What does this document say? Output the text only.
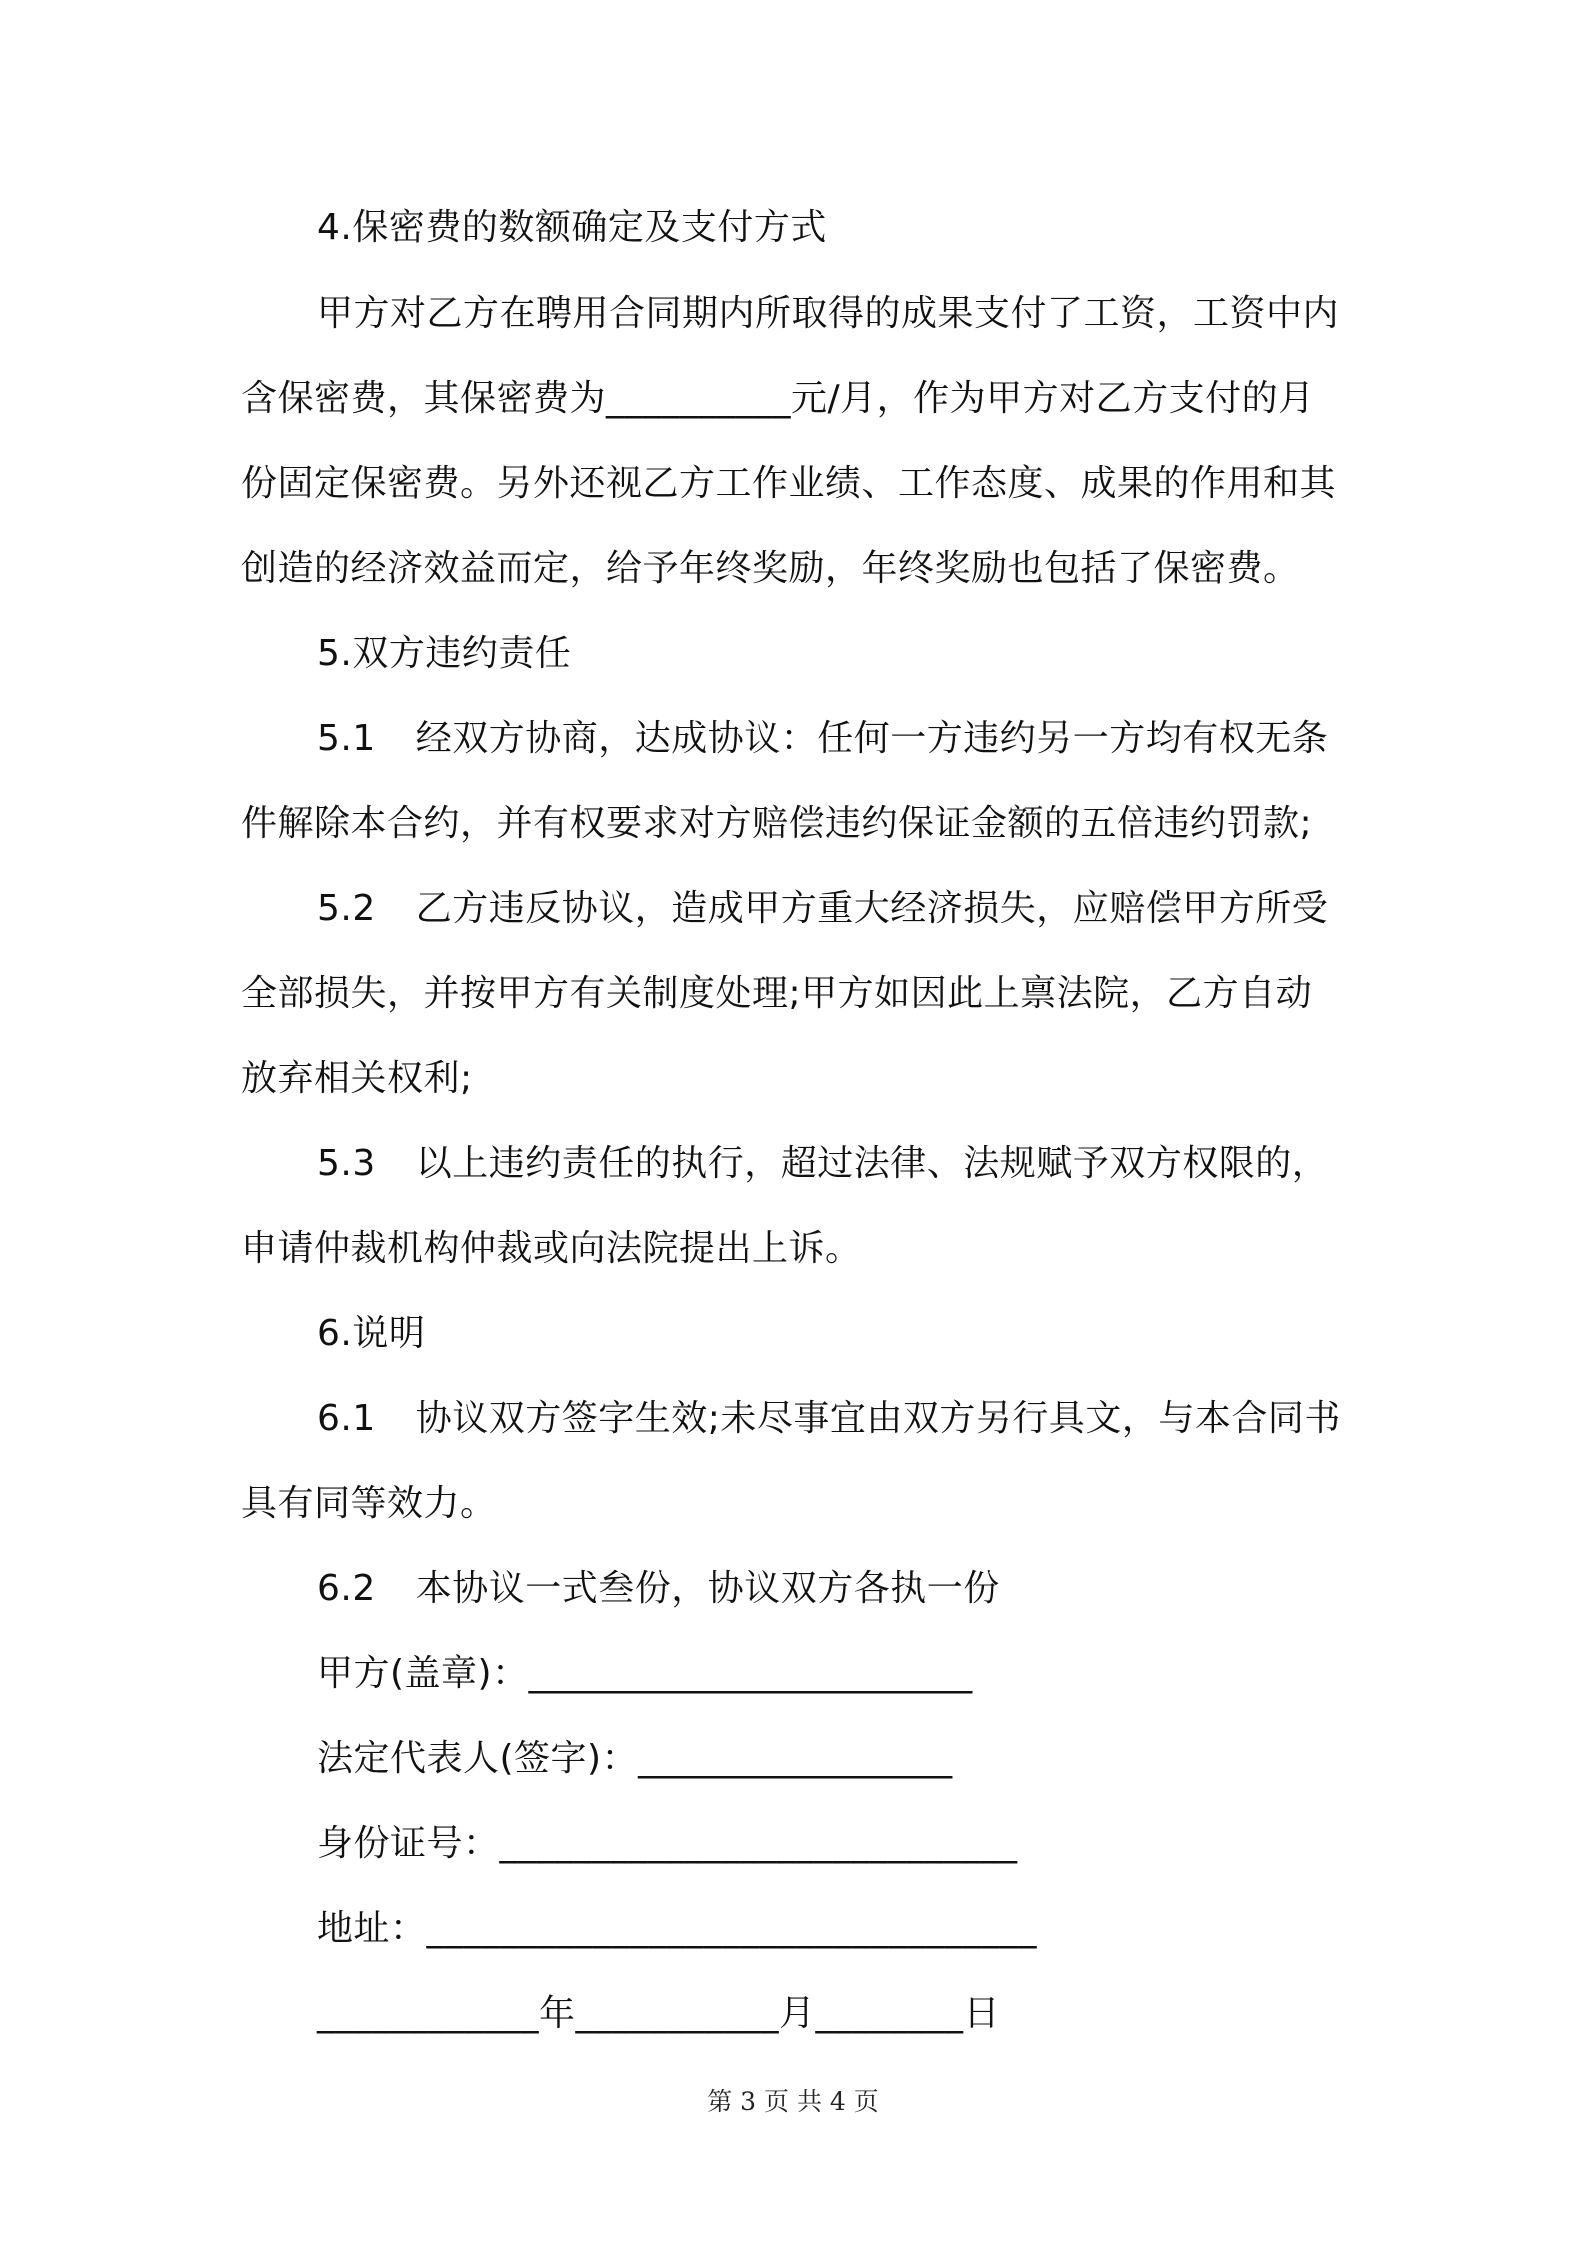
4.保密费的数额确定及支付方式
甲方对乙方在聘用合同期内所取得的成果支付了工资，工资中内
含保密费，其保密费为__________元/月，作为甲方对乙方支付的月
份固定保密费。另外还视乙方工作业绩、工作态度、成果的作用和其
创造的经济效益而定，给予年终奖励，年终奖励也包括了保密费。
5.双方违约责任
5.1 经双方协商，达成协议：任何一方违约另一方均有权无条
件解除本合约，并有权要求对方赔偿违约保证金额的五倍违约罚款;
5.2 乙方违反协议，造成甲方重大经济损失，应赔偿甲方所受
全部损失，并按甲方有关制度处理;甲方如因此上禀法院，乙方自动
放弃相关权利;
5.3 以上违约责任的执行，超过法律、法规赋予双方权限的，
申请仲裁机构仲裁或向法院提出上诉。
6.说明
6.1 协议双方签字生效;未尽事宜由双方另行具文，与本合同书
具有同等效力。
6.2 本协议一式叁份，协议双方各执一份
甲方(盖章)：________________________
法定代表人(签字)：_________________
身份证号：____________________________
地址：_________________________________
____________年___________月________日
第 3 页 共 4 页
